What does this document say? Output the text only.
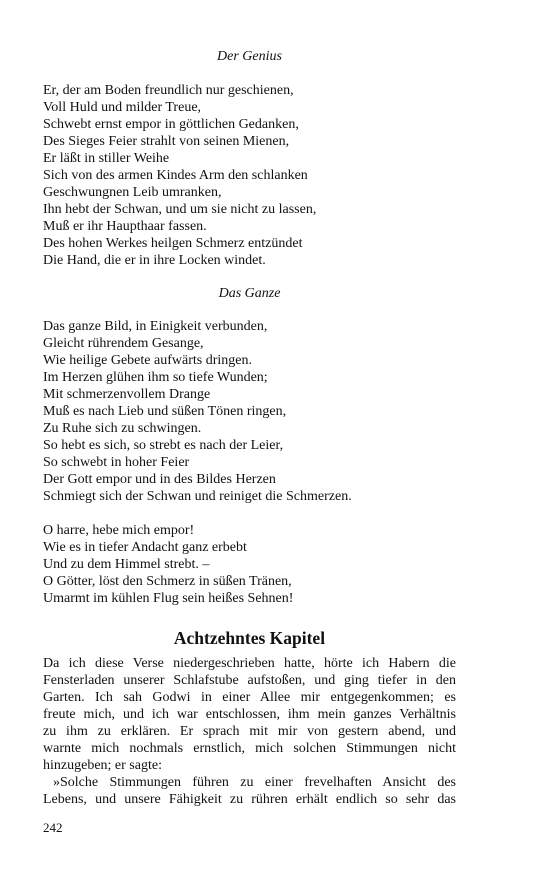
Der Genius

Er, der am Boden freundlich nur geschienen,
Voll Huld und milder Treue,
Schwebt ernst empor in göttlichen Gedanken,
Des Sieges Feier strahlt von seinen Mienen,
Er läßt in stiller Weihe
Sich von des armen Kindes Arm den schlanken
Geschwungnen Leib umranken,
Ihn hebt der Schwan, und um sie nicht zu lassen,
Muß er ihr Haupthaar fassen.
Des hohen Werkes heilgen Schmerz entzündet
Die Hand, die er in ihre Locken windet.

Das Ganze

Das ganze Bild, in Einigkeit verbunden,
Gleicht rührendem Gesange,
Wie heilige Gebete aufwärts dringen.
Im Herzen glühen ihm so tiefe Wunden;
Mit schmerzenvollem Drange
Muß es nach Lieb und süßen Tönen ringen,
Zu Ruhe sich zu schwingen.
So hebt es sich, so strebt es nach der Leier,
So schwebt in hoher Feier
Der Gott empor und in des Bildes Herzen
Schmiegt sich der Schwan und reiniget die Schmerzen.

O harre, hebe mich empor!
Wie es in tiefer Andacht ganz erbebt
Und zu dem Himmel strebt. –
O Götter, löst den Schmerz in süßen Tränen,
Umarmt im kühlen Flug sein heißes Sehnen!

Achtzehntes Kapitel

Da ich diese Verse niedergeschrieben hatte, hörte ich Habern die

Fensterladen unserer Schlafstube aufstoßen, und ging tiefer in den

Garten. Ich sah Godwi in einer Allee mir entgegenkommen; es

freute mich, und ich war entschlossen, ihm mein ganzes Verhältnis

zu ihm zu erklären. Er sprach mit mir von gestern abend, und

warnte mich nochmals ernstlich, mich solchen Stimmungen nicht

hinzugeben; er sagte:

»Solche Stimmungen führen zu einer frevelhaften Ansicht des

Lebens, und unsere Fähigkeit zu rühren erhält endlich so sehr das

242
